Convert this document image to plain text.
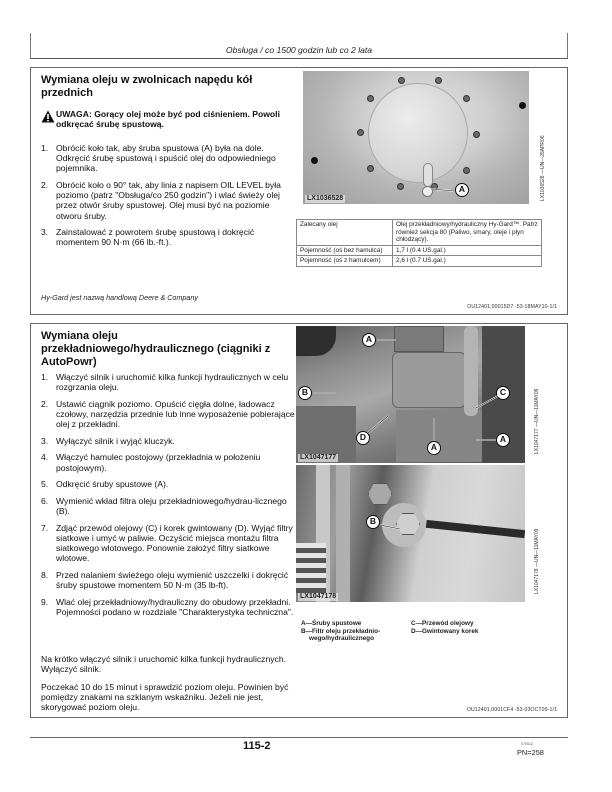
Obsługa / co 1500 godzin lub co 2 lata
Wymiana oleju w zwolnicach napędu kół przednich
UWAGA: Gorący olej może być pod ciśnieniem. Powoli odkręcać śrubę spustową.
1. Obrócić koło tak, aby śruba spustowa (A) była na dole. Odkręcić śrubę spustową i spuścić olej do odpowiedniego pojemnika.
2. Obrócić koło o 90° tak, aby linia z napisem OIL LEVEL była poziomo (patrz "Obsługa/co 250 godzin") i wlać świeży olej przez otwór śruby spustowej. Olej musi być na poziomie otworu śruby.
3. Zainstalować z powrotem śrubę spustową i dokręcić momentem 90 N·m (66 lb.-ft.).
Hy-Gard jest nazwą handlową Deere & Company
A
LX1036528	LX1036528 —UN—28APR06
Zalecany olej	Olej przekładniowy/hydrauliczny Hy-Gard™. Patrz również sekcja 80 (Paliwo, smary, oleje i płyn chłodzący).
Pojemność (oś bez hamulca)	1,7 l (0.4 US.gal.)
Pojemność (oś z hamulcem)	2,6 l (0.7 US.gal.)
OU12401,00015D7 -53-18MAY10-1/1
Wymiana oleju przekładniowego/hydraulicznego (ciągniki z AutoPowr)
1. Włączyć silnik i uruchomić kilka funkcji hydraulicznych w celu rozgrzania oleju.
2. Ustawić ciągnik poziomo. Opuścić cięgła dolne, ładowacz czołowy, narzędzia przednie lub inne wyposażenie pobierające olej z przekładni.
3. Wyłączyć silnik i wyjąć kluczyk.
4. Włączyć hamulec postojowy (przekładnia w położeniu postojowym).
5. Odkręcić śruby spustowe (A).
6. Wymienić wkład filtra oleju przekładniowego/hydrau-licznego (B).
7. Zdjąć przewód olejowy (C) i korek gwintowany (D). Wyjąć filtry siatkowe i umyć w paliwie. Oczyścić miejsca montażu filtra siatkowego wlotowego. Ponownie założyć filtry siatkowe wlotowe.
8. Przed nalaniem świeżego oleju wymienić uszczelki i dokręcić śruby spustowe momentem 50 N·m (35 lb-ft).
9. Wlać olej przekładniowy/hydrauliczny do obudowy przekładni. Pojemności podano w rozdziale "Charakterystyka techniczna".
Na krótko włączyć silnik i uruchomić kilka funkcji hydraulicznych. Wyłączyć silnik.
Poczekać 10 do 15 minut i sprawdzić poziom oleju. Powinien być pomiędzy znakami na szklanym wskaźniku. Jeżeli nie jest, skorygować poziom oleju.
A
B	C
D
A
A
LX1047177
LX1047177 —UN—11MAY09
B
LX1047178
LX1047178 —UN—11MAY09
A—Śruby spustowe
B—Filtr oleju przekładnio-
wego/hydraulicznego
C—Przewód olejowy
D—Gwintowany korek
OU12401,0001CF4 -53-03OCT09-1/1
115-2	070612
PN=258
